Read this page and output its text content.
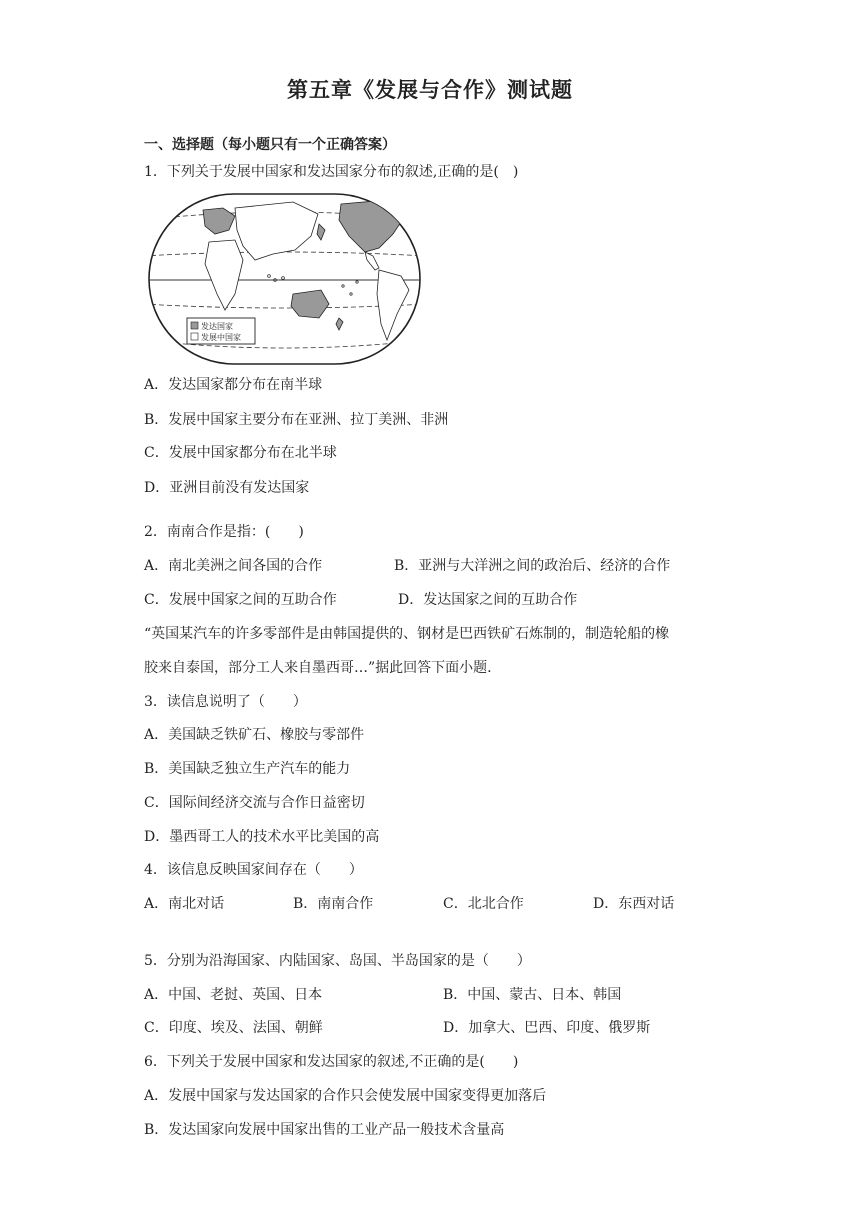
第五章《发展与合作》测试题
一、选择题（每小题只有一个正确答案）
1．下列关于发展中国家和发达国家分布的叙述,正确的是(　)
发达国家
发展中国家
A．发达国家都分布在南半球
B．发展中国家主要分布在亚洲、拉丁美洲、非洲
C．发展中国家都分布在北半球
D．亚洲目前没有发达国家
2．南南合作是指：(　　)
A．南北美洲之间各国的合作	B．亚洲与大洋洲之间的政治后、经济的合作
C．发展中国家之间的互助合作	D．发达国家之间的互助合作
“英国某汽车的许多零部件是由韩国提供的、钢材是巴西铁矿石炼制的，制造轮船的橡
胶来自泰国，部分工人来自墨西哥…”据此回答下面小题.
3．读信息说明了（　　）
A．美国缺乏铁矿石、橡胶与零部件
B．美国缺乏独立生产汽车的能力
C．国际间经济交流与合作日益密切
D．墨西哥工人的技术水平比美国的高
4．该信息反映国家间存在（　　）
A．南北对话	B．南南合作	C．北北合作	D．东西对话
5．分别为沿海国家、内陆国家、岛国、半岛国家的是（　　）
A．中国、老挝、英国、日本	B．中国、蒙古、日本、韩国
C．印度、埃及、法国、朝鲜	D．加拿大、巴西、印度、俄罗斯
6．下列关于发展中国家和发达国家的叙述,不正确的是(　　)
A．发展中国家与发达国家的合作只会使发展中国家变得更加落后
B．发达国家向发展中国家出售的工业产品一般技术含量高
